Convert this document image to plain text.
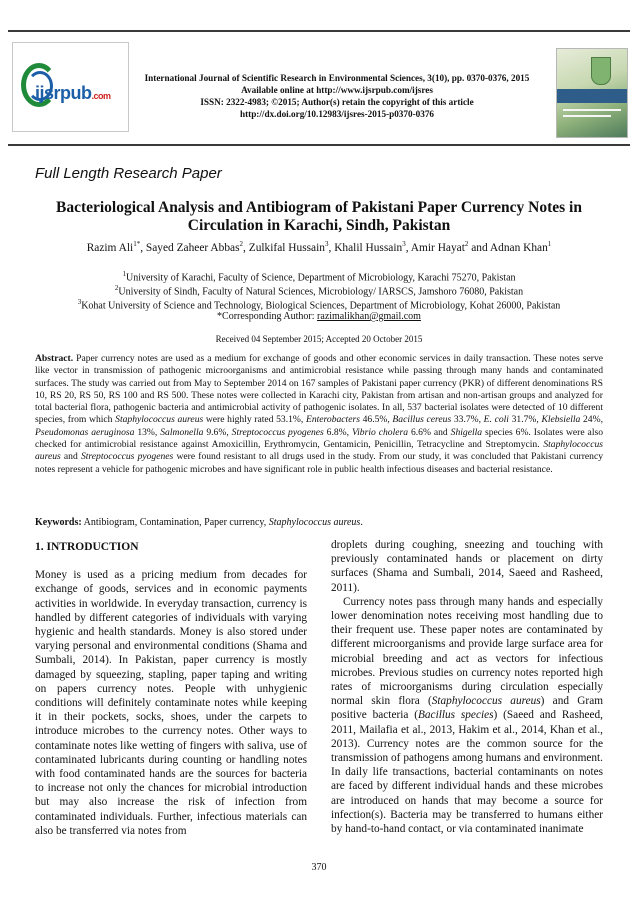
ijsrpub.com
International Journal of Scientific Research in Environmental Sciences, 3(10), pp. 0370-0376, 2015
Available online at http://www.ijsrpub.com/ijsres
ISSN: 2322-4983; ©2015; Author(s) retain the copyright of this article
http://dx.doi.org/10.12983/ijsres-2015-p0370-0376
Full Length Research Paper
Bacteriological Analysis and Antibiogram of Pakistani Paper Currency Notes in
Circulation in Karachi, Sindh, Pakistan
Razim Ali$^{1*}$, Sayed Zaheer Abbas$^2$, Zulkifal Hussain$^3$, Khalil Hussain$^3$, Amir Hayat$^2$ and Adnan Khan$^1$
$^1$University of Karachi, Faculty of Science, Department of Microbiology, Karachi 75270, Pakistan
$^2$University of Sindh, Faculty of Natural Sciences, Microbiology/ IARSCS, Jamshoro 76080, Pakistan
$^3$Kohat University of Science and Technology, Biological Sciences, Department of Microbiology, Kohat 26000, Pakistan
*Corresponding Author: razimalikhan@gmail.com
Received 04 September 2015; Accepted 20 October 2015
Abstract. Paper currency notes are used as a medium for exchange of goods and other economic services in daily transaction. These notes serve like vector in transmission of pathogenic microorganisms and antimicrobial resistance while passing through many hands and contaminated surfaces. The study was carried out from May to September 2014 on 167 samples of Pakistani paper currency (PKR) of different denominations RS 10, RS 20, RS 50, RS 100 and RS 500. These notes were collected in Karachi city, Pakistan from artisan and non-artisan groups and analyzed for total bacterial flora, pathogenic bacteria and antimicrobial activity of pathogenic isolates. In all, 537 bacterial isolates were detected of 10 different species, from which Staphylococcus aureus were highly rated 53.1%, Enterobacters 46.5%, Bacillus cereus 33.7%, E. coli 31.7%, Klebsiella 24%, Pseudomonas aeruginosa 13%, Salmonella 9.6%, Streptococcus pyogenes 6.8%, Vibrio cholera 6.6% and Shigella species 6%. Isolates were also checked for antimicrobial resistance against Amoxicillin, Erythromycin, Gentamicin, Penicillin, Tetracycline and Streptomycin. Staphylococcus aureus and Streptococcus pyogenes were found resistant to all drugs used in the study. From our study, it was concluded that Pakistani currency notes represent a vehicle for pathogenic microbes and have significant role in public health infectious diseases and bacterial resistance.
Keywords: Antibiogram, Contamination, Paper currency, Staphylococcus aureus.
1. INTRODUCTION

Money is used as a pricing medium from decades for exchange of goods, services and in economic payments activities in worldwide. In everyday transaction, currency is handled by different categories of individuals with varying hygienic and health standards. Money is also stored under varying personal and environmental conditions (Shama and Sumbali, 2014). In Pakistan, paper currency is mostly damaged by squeezing, stapling, paper taping and writing on papers currency notes. People with unhygienic conditions will definitely contaminate notes while keeping it in their pockets, socks, shoes, under the carpets to introduce microbes to the currency notes. Other ways to contaminate notes like wetting of fingers with saliva, use of contaminated lubricants during counting or handling notes with food contaminated hands are the sources for bacteria to increase not only the chances for microbial introduction but may also increase the risk of infection from contaminated individuals. Further, infectious materials can also be transferred via notes from

droplets during coughing, sneezing and touching with previously contaminated hands or placement on dirty surfaces (Shama and Sumbali, 2014, Saeed and Rasheed, 2011).

Currency notes pass through many hands and especially lower denomination notes receiving most handling due to their frequent use. These paper notes are contaminated by different microorganisms and provide large surface area for microbial breeding and act as vectors for infectious microbes. Previous studies on currency notes reported high rates of microorganisms during circulation especially normal skin flora (Staphylococcus aureus) and Gram positive bacteria (Bacillus species) (Saeed and Rasheed, 2011, Mailafia et al., 2013, Hakim et al., 2014, Khan et al., 2013). Currency notes are the common source for the transmission of pathogens among humans and environment. In daily life transactions, bacterial contaminants on notes are faced by different individual hands and these microbes are introduced on hands that may become a source for infection(s). Bacteria may be transferred to humans either by hand-to-hand contact, or via contaminated inanimate

370
